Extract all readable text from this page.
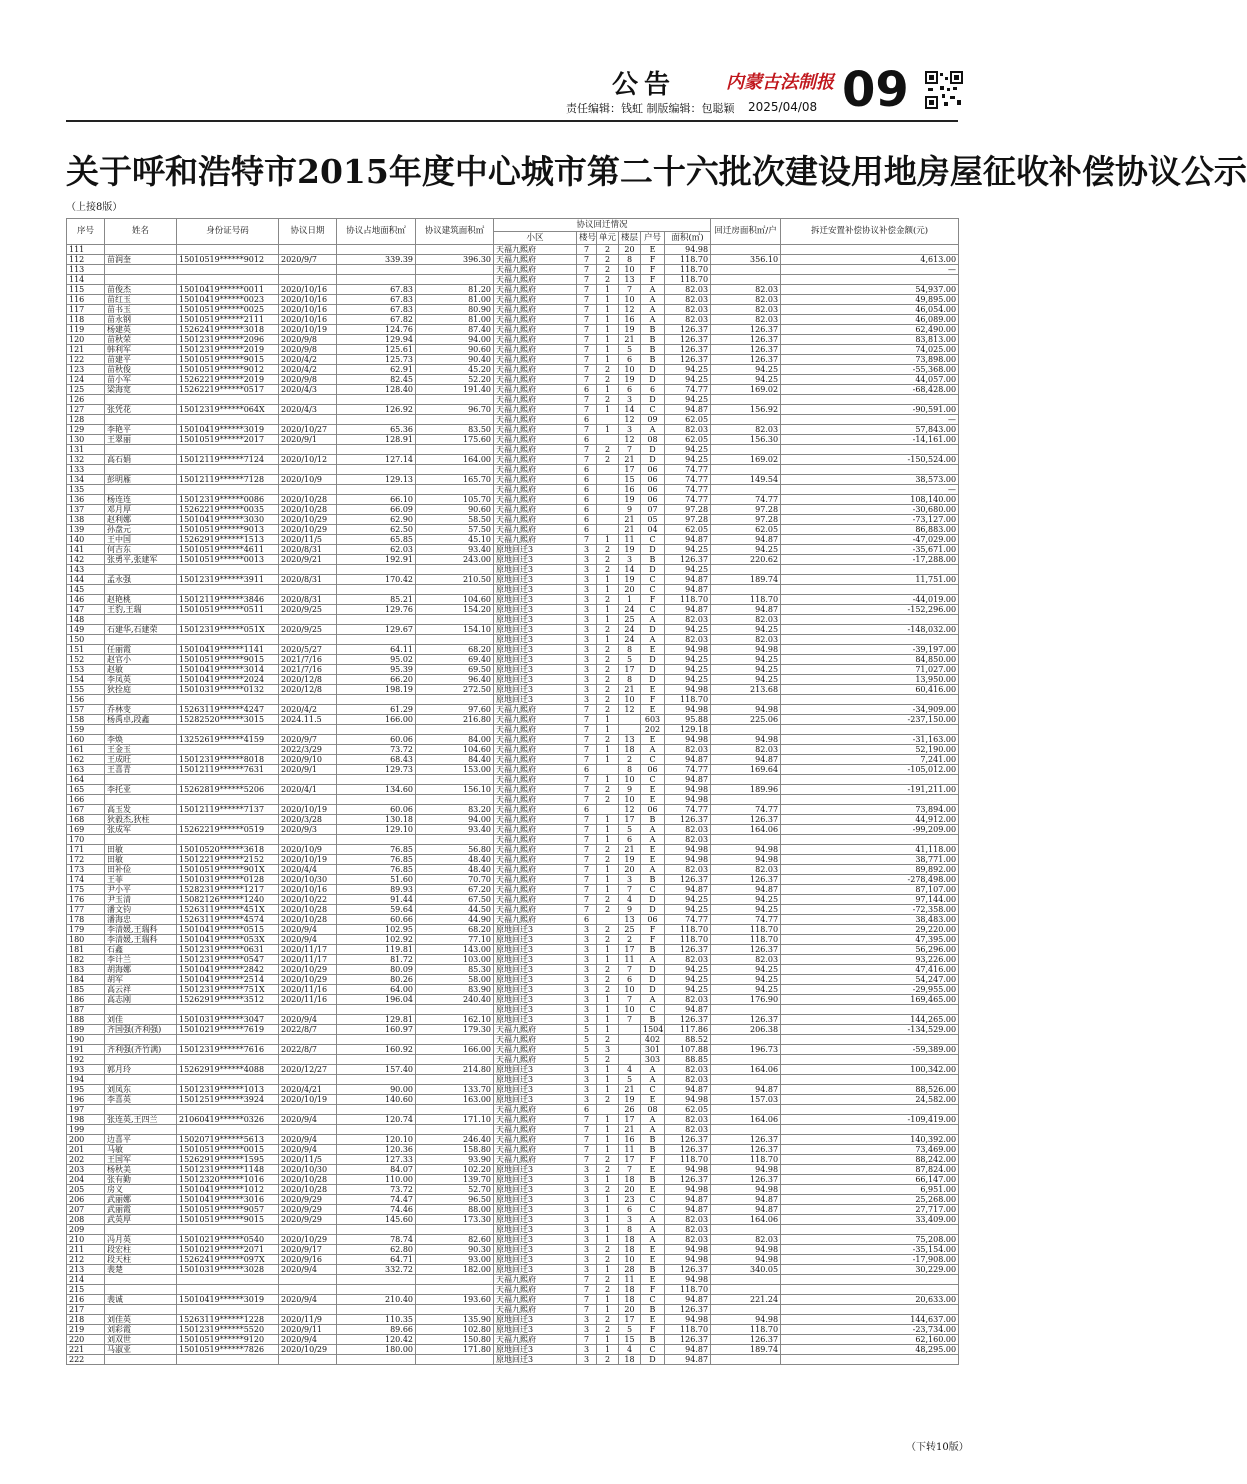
公告	内蒙古法制报
责任编辑：钱虹 制版编辑：包聪颖 2025/04/08 09
关于呼和浩特市2015年度中心城市第二十六批次建设用地房屋征收补偿协议公示
（上接8版）
序号	姓名	身份证号码	协议日期	协议占地面积㎡	协议建筑面积㎡	协议回迁情况						回迁房面积㎡/户	拆迁安置补偿协议补偿金额(元)
						小区	楼号	单元	楼层	户号	面积(㎡)		
111						天福九熙府	7	2	20	E	94.98		
112	苗润奎	15010519******9012	2020/9/7	339.39	396.30	天福九熙府	7	2	8	F	118.70	356.10	4,613.00
113						天福九熙府	7	2	10	F	118.70		—
114						天福九熙府	7	2	13	F	118.70		
115	苗俊杰	15010419******0011	2020/10/16	67.83	81.20	天福九熙府	7	1	7	A	82.03	82.03	54,937.00
116	苗红玉	15010419******0023	2020/10/16	67.83	81.00	天福九熙府	7	1	10	A	82.03	82.03	49,895.00
117	苗书玉	15010519******0025	2020/10/16	67.83	80.90	天福九熙府	7	1	12	A	82.03	82.03	46,054.00
118	苗永钢	15010519******2111	2020/10/16	67.82	81.00	天福九熙府	7	1	16	A	82.03	82.03	46,089.00
119	杨建英	15262419******3018	2020/10/19	124.76	87.40	天福九熙府	7	1	19	B	126.37	126.37	62,490.00
120	苗秋荣	15012319******2096	2020/9/8	129.94	94.00	天福九熙府	7	1	21	B	126.37	126.37	83,813.00
121	韩利军	15012319******2019	2020/9/8	125.61	90.60	天福九熙府	7	1	5	B	126.37	126.37	74,025.00
122	苗建平	15010519******9015	2020/4/2	125.73	90.40	天福九熙府	7	1	6	B	126.37	126.37	73,898.00
123	苗秋俊	15010519******9012	2020/4/2	62.91	45.20	天福九熙府	7	2	10	D	94.25	94.25	-55,368.00
124	苗小军	15262219******2019	2020/9/8	82.45	52.20	天福九熙府	7	2	19	D	94.25	94.25	44,057.00
125	梁海宽	15262219******0517	2020/4/3	128.40	191.40	天福九熙府	6	1	6	6	74.77	169.02	-68,428.00
126						天福九熙府	7	2	3	D	94.25		
127	张凭花	15012319******064X	2020/4/3	126.92	96.70	天福九熙府	7	1	14	C	94.87	156.92	-90,591.00
128						天福九熙府	6		12	09	62.05		—
129	李艳平	15010419******3019	2020/10/27	65.36	83.50	天福九熙府	7	1	3	A	82.03	82.03	57,843.00
130	王翠丽	15010519******2017	2020/9/1	128.91	175.60	天福九熙府	6		12	08	62.05	156.30	-14,161.00
131						天福九熙府	7	2	7	D	94.25		
132	高石娟	15012119******7124	2020/10/12	127.14	164.00	天福九熙府	7	2	21	D	94.25	169.02	-150,524.00
133						天福九熙府	6		17	06	74.77		
134	彭明雁	15012119******7128	2020/10/9	129.13	165.70	天福九熙府	6		15	06	74.77	149.54	38,573.00
135						天福九熙府	6		16	06	74.77		—
136	杨连连	15012319******0086	2020/10/28	66.10	105.70	天福九熙府	6		19	06	74.77	74.77	108,140.00
137	邓月厚	15262219******0035	2020/10/28	66.09	90.60	天福九熙府	6		9	07	97.28	97.28	-30,680.00
138	赵利娜	15010419******3030	2020/10/29	62.90	58.50	天福九熙府	6		21	05	97.28	97.28	-73,127.00
139	孙盘元	15010519******9013	2020/10/29	62.50	57.50	天福九熙府	6		21	04	62.05	62.05	86,883.00
140	王中国	15262919******1513	2020/11/5	65.85	45.10	天福九熙府	7	1	11	C	94.87	94.87	-47,029.00
141	何吉东	15010519******4611	2020/8/31	62.03	93.40	原地回迁3	3	2	19	D	94.25	94.25	-35,671.00
142	张勇平,张建军	15010519******0013	2020/9/21	192.91	243.00	原地回迁3	3	2	3	B	126.37	220.62	-17,288.00
143						原地回迁3	3	2	14	D	94.25		
144	孟永强	15012319******3911	2020/8/31	170.42	210.50	原地回迁3	3	1	19	C	94.87	189.74	11,751.00
145						原地回迁3	3	1	20	C	94.87		
146	赵艳桃	15012119******3846	2020/8/31	85.21	104.60	原地回迁3	3	2	1	F	118.70	118.70	-44,019.00
147	王豹,王瑞	15010519******0511	2020/9/25	129.76	154.20	原地回迁3	3	1	24	C	94.87	94.87	-152,296.00
148						原地回迁3	3	1	25	A	82.03	82.03	
149	石建华,石建荣	15012319******051X	2020/9/25	129.67	154.10	原地回迁3	3	2	24	D	94.25	94.25	-148,032.00
150						原地回迁3	3	1	24	A	82.03	82.03	
151	任丽霞	15010419******1141	2020/5/27	64.11	68.20	原地回迁3	3	2	8	E	94.98	94.98	-39,197.00
152	赵官小	15010519******9015	2021/7/16	95.02	69.40	原地回迁3	3	2	5	D	94.25	94.25	84,850.00
153	赵敏	15010419******3014	2021/7/16	95.39	69.50	原地回迁3	3	2	17	D	94.25	94.25	71,027.00
154	李凤英	15010419******2024	2020/12/8	66.20	96.40	原地回迁3	3	2	8	D	94.25	94.25	13,950.00
155	狄拴庭	15010319******0132	2020/12/8	198.19	272.50	原地回迁3	3	2	21	E	94.98	213.68	60,416.00
156						原地回迁3	3	2	10	F	118.70		
157	乔林变	15263119******4247	2020/4/2	61.29	97.60	天福九熙府	7	2	12	E	94.98	94.98	-34,909.00
158	杨禹卓,段鑫	15282520******3015	2024.11.5	166.00	216.80	天福九熙府	7	1		603	95.88	225.06	-237,150.00
159						天福九熙府	7	1		202	129.18		
160	李焕	13252619******4159	2020/9/7	60.06	84.00	天福九熙府	7	2	13	E	94.98	94.98	-31,163.00
161	王金玉		2022/3/29	73.72	104.60	天福九熙府	7	1	18	A	82.03	82.03	52,190.00
162	王成旺	15012319******8018	2020/9/10	68.43	84.40	天福九熙府	7	1	2	C	94.87	94.87	7,241.00
163	王喜青	15012119******7631	2020/9/1	129.73	153.00	天福九熙府	6		8	06	74.77	169.64	-105,012.00
164						天福九熙府	7	1	10	C	94.87		
165	李托亚	15262819******5206	2020/4/1	134.60	156.10	天福九熙府	7	2	9	E	94.98	189.96	-191,211.00
166						天福九熙府	7	2	10	E	94.98		
167	高玉发	15012119******7137	2020/10/19	60.06	83.20	天福九熙府	6		12	06	74.77	74.77	73,894.00
168	狄毅杰,狄柱		2020/3/28	130.18	94.00	天福九熙府	7	1	17	B	126.37	126.37	44,912.00
169	张成军	15262219******0519	2020/9/3	129.10	93.40	天福九熙府	7	1	5	A	82.03	164.06	-99,209.00
170						天福九熙府	7	1	6	A	82.03		
171	田敏	15010520******3618	2020/10/9	76.85	56.80	天福九熙府	7	2	21	E	94.98	94.98	41,118.00
172	田敏	15012219******2152	2020/10/19	76.85	48.40	天福九熙府	7	2	19	E	94.98	94.98	38,771.00
173	田补俭	15010519******901X	2020/4/4	76.85	48.40	天福九熙府	7	1	20	A	82.03	82.03	89,892.00
174	王菲	15010319******0128	2020/10/30	51.60	70.70	天福九熙府	7	1	3	B	126.37	126.37	-278,498.00
175	尹小平	15282319******1217	2020/10/16	89.93	67.20	天福九熙府	7	1	7	C	94.87	94.87	87,107.00
176	尹玉清	15082126******1240	2020/10/22	91.44	67.50	天福九熙府	7	2	4	D	94.25	94.25	97,144.00
177	潘文钧	15263119******451X	2020/10/28	59.64	44.50	天福九熙府	7	2	9	D	94.25	94.25	-72,358.00
178	潘海忠	15263119******4574	2020/10/28	60.66	44.90	天福九熙府	6		13	06	74.77	74.77	38,483.00
179	李清媛,王瑞科	15010419******0515	2020/9/4	102.95	68.20	原地回迁3	3	2	25	F	118.70	118.70	29,220.00
180	李清媛,王瑞科	15010419******053X	2020/9/4	102.92	77.10	原地回迁3	3	2	2	F	118.70	118.70	47,395.00
181	石鑫	15012319******0631	2020/11/17	119.81	143.00	原地回迁3	3	1	17	B	126.37	126.37	56,296.00
182	李计兰	15012319******0547	2020/11/17	81.72	103.00	原地回迁3	3	1	11	A	82.03	82.03	93,226.00
183	胡海娜	15010419******2842	2020/10/29	80.09	85.30	原地回迁3	3	2	7	D	94.25	94.25	47,416.00
184	胡军	15010419******2514	2020/10/29	80.26	58.00	原地回迁3	3	2	6	D	94.25	94.25	54,247.00
185	高云祥	15012319******751X	2020/11/16	64.00	83.90	原地回迁3	3	2	10	D	94.25	94.25	-29,955.00
186	高志刚	15262919******3512	2020/11/16	196.04	240.40	原地回迁3	3	1	7	A	82.03	176.90	169,465.00
187						原地回迁3	3	1	10	C	94.87		
188	刘佳	15010319******3047	2020/9/4	129.81	162.10	原地回迁3	3	1	7	B	126.37	126.37	144,265.00
189	齐国强(齐利强)	15010219******7619	2022/8/7	160.97	179.30	天福九熙府	5	1		1504	117.86	206.38	-134,529.00
190						天福九熙府	5	2		402	88.52		
191	齐利强(齐竹满)	15012319******7616	2022/8/7	160.92	166.00	天福九熙府	5	3		301	107.88	196.73	-59,389.00
192						天福九熙府	5	2		303	88.85		
193	郭月玲	15262919******4088	2020/12/27	157.40	214.80	原地回迁3	3	1	4	A	82.03	164.06	100,342.00
194						原地回迁3	3	1	5	A	82.03		
195	刘凤东	15012319******1013	2020/4/21	90.00	133.70	原地回迁3	3	1	21	C	94.87	94.87	88,526.00
196	李喜英	15012519******3924	2020/10/19	140.60	163.00	原地回迁3	3	2	19	E	94.98	157.03	24,582.00
197						天福九熙府	6		26	08	62.05		
198	张连英,王四兰	21060419******0326	2020/9/4	120.74	171.10	天福九熙府	7	1	17	A	82.03	164.06	-109,419.00
199						天福九熙府	7	1	21	A	82.03		
200	边喜平	15020719******5613	2020/9/4	120.10	246.40	天福九熙府	7	1	16	B	126.37	126.37	140,392.00
201	马敏	15010519******0015	2020/9/4	120.36	158.80	天福九熙府	7	1	11	B	126.37	126.37	73,469.00
202	王国军	15262919******1595	2020/11/5	127.33	93.90	天福九熙府	7	2	17	F	118.70	118.70	88,242.00
203	杨秋美	15012319******1148	2020/10/30	84.07	102.20	原地回迁3	3	2	7	E	94.98	94.98	87,824.00
204	张有勤	15012320******1016	2020/10/28	110.00	139.70	原地回迁3	3	1	18	B	126.37	126.37	66,147.00
205	房义	15010419******1012	2020/10/28	73.72	52.70	原地回迁3	3	2	20	E	94.98	94.98	6,951.00
206	武丽娜	15010419******3016	2020/9/29	74.47	96.50	原地回迁3	3	1	23	C	94.87	94.87	25,268.00
207	武丽霞	15010519******9057	2020/9/29	74.46	88.00	原地回迁3	3	1	6	C	94.87	94.87	27,717.00
208	武英厚	15010519******9015	2020/9/29	145.60	173.30	原地回迁3	3	1	3	A	82.03	164.06	33,409.00
209						原地回迁3	3	1	8	A	82.03		
210	冯月英	15010219******0540	2020/10/29	78.74	82.60	原地回迁3	3	1	18	A	82.03	82.03	75,208.00
211	段宏柱	15010219******2071	2020/9/17	62.80	90.30	原地回迁3	3	2	18	E	94.98	94.98	-35,154.00
212	段天柱	15262419******097X	2020/9/16	64.71	93.00	原地回迁3	3	2	10	E	94.98	94.98	-17,908.00
213	裴楚	15010319******3028	2020/9/4	332.72	182.00	原地回迁3	3	1	28	B	126.37	340.05	30,229.00
214						天福九熙府	7	2	11	E	94.98		
215						天福九熙府	7	2	18	F	118.70		
216	裴诚	15010419******3019	2020/9/4	210.40	193.60	天福九熙府	7	1	18	C	94.87	221.24	20,633.00
217						天福九熙府	7	1	20	B	126.37		
218	刘佳英	15263119******1228	2020/11/9	110.35	135.90	原地回迁3	3	2	17	E	94.98	94.98	144,637.00
219	刘彩霞	15012319******5520	2020/9/11	89.66	102.80	原地回迁3	3	2	5	F	118.70	118.70	-23,734.00
220	刘双世	15010519******9120	2020/9/4	120.42	150.80	天福九熙府	7	1	15	B	126.37	126.37	62,160.00
221	马淑亚	15010519******7826	2020/10/29	180.00	171.80	原地回迁3	3	1	4	C	94.87	189.74	48,295.00
222						原地回迁3	3	2	18	D	94.87		
（下转10版）
